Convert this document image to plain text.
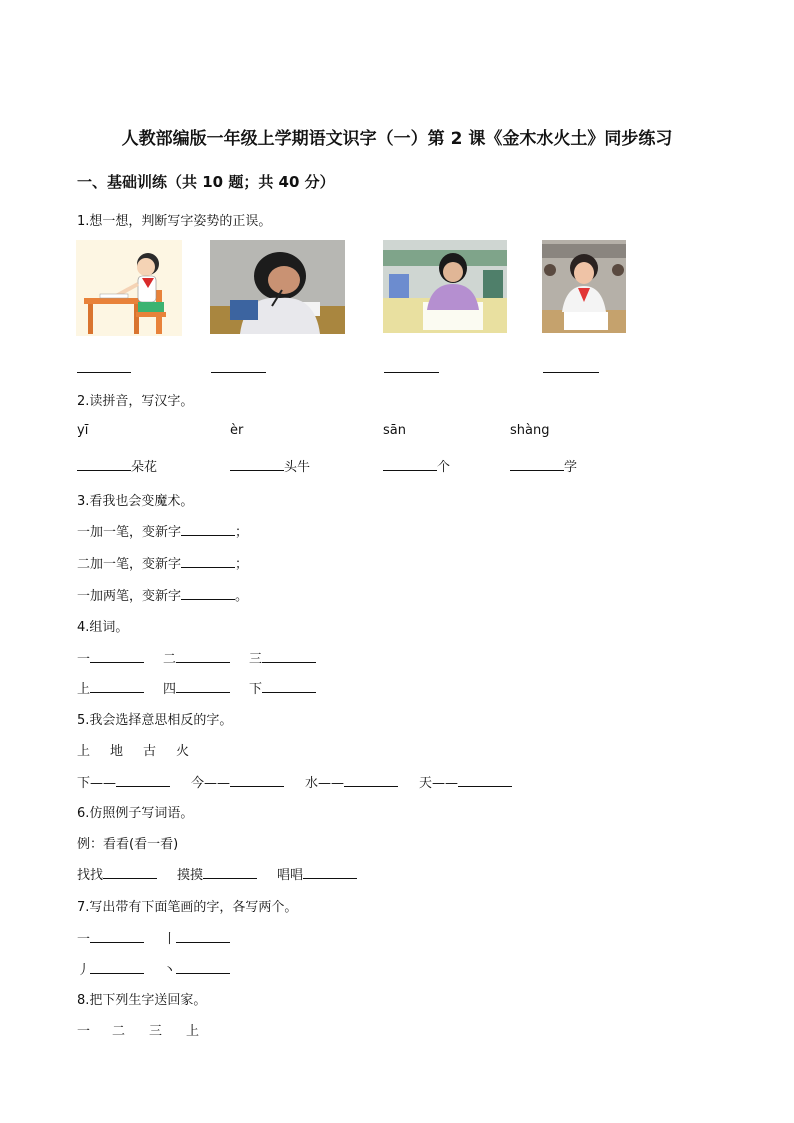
人教部编版一年级上学期语文识字（一）第 2 课《金木水火土》同步练习
一、基础训练（共 10 题；共 40 分）
1.想一想，判断写字姿势的正误。
2.读拼音，写汉字。
yī	èr	sān	shàng
朵花	头牛	个	学
3.看我也会变魔术。
一加一笔，变新字	；
二加一笔，变新字	；
一加两笔，变新字	。
4.组词。
一	二	三
上	四	下
5.我会选择意思相反的字。
上 地 古 火
下——	今——	水——	天——
6.仿照例子写词语。
例：看看(看一看)
找找	摸摸	唱唱
7.写出带有下面笔画的字，各写两个。
一	丨
丿	丶
8.把下列生字送回家。
一 二 三 上
